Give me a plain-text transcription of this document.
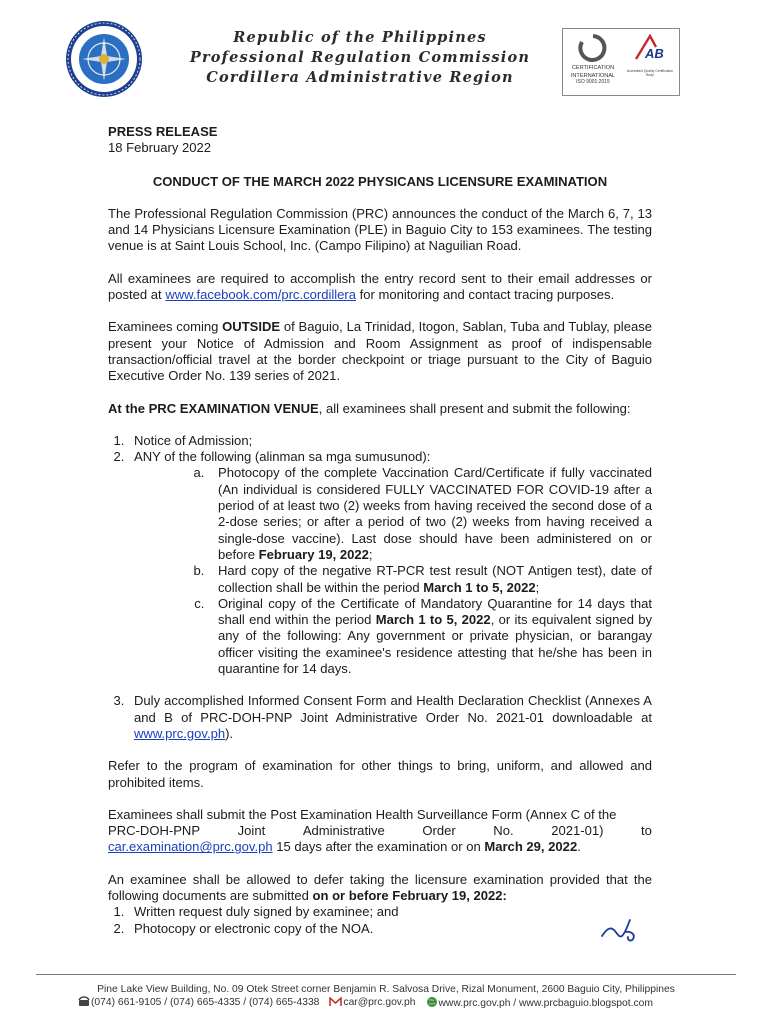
Republic of the Philippines
Professional Regulation Commission
Cordillera Administrative Region
CERTIFICATION
INTERNATIONAL
ISO 9001:2015
AB
Accredited Quality Certification Body

PRESS RELEASE

18 February 2022

CONDUCT OF THE MARCH 2022 PHYSICANS LICENSURE EXAMINATION

The Professional Regulation Commission (PRC) announces the conduct of the March 6, 7, 13 and 14 Physicians Licensure Examination (PLE) in Baguio City to 153 examinees. The testing venue is at Saint Louis School, Inc. (Campo Filipino) at Naguilian Road.

All examinees are required to accomplish the entry record sent to their email addresses or posted at www.facebook.com/prc.cordillera for monitoring and contact tracing purposes.

Examinees coming OUTSIDE of Baguio, La Trinidad, Itogon, Sablan, Tuba and Tublay, please present your Notice of Admission and Room Assignment as proof of indispensable transaction/official travel at the border checkpoint or triage pursuant to the City of Baguio Executive Order No. 139 series of 2021.

At the PRC EXAMINATION VENUE, all examinees shall present and submit the following:

1. Notice of Admission;
2. ANY of the following (alinman sa mga sumusunod):
a. Photocopy of the complete Vaccination Card/Certificate if fully vaccinated (An individual is considered FULLY VACCINATED FOR COVID-19 after a period of at least two (2) weeks from having received the second dose of a 2-dose series; or after a period of two (2) weeks from having received a single-dose vaccine). Last dose should have been administered on or before February 19, 2022;
b. Hard copy of the negative RT-PCR test result (NOT Antigen test), date of collection shall be within the period March 1 to 5, 2022;
c. Original copy of the Certificate of Mandatory Quarantine for 14 days that shall end within the period March 1 to 5, 2022, or its equivalent signed by any of the following: Any government or private physician, or barangay officer visiting the examinee's residence attesting that he/she has been in quarantine for 14 days.
3. Duly accomplished Informed Consent Form and Health Declaration Checklist (Annexes A and B of PRC-DOH-PNP Joint Administrative Order No. 2021-01 downloadable at www.prc.gov.ph).

Refer to the program of examination for other things to bring, uniform, and allowed and prohibited items.

Examinees shall submit the Post Examination Health Surveillance Form (Annex C of the

PRC-DOH-PNP	Joint	Administrative	Order	No.	2021-01)	to

car.examination@prc.gov.ph 15 days after the examination or on March 29, 2022.

An examinee shall be allowed to defer taking the licensure examination provided that the following documents are submitted on or before February 19, 2022:

1. Written request duly signed by examinee; and
2. Photocopy or electronic copy of the NOA.
Pine Lake View Building, No. 09 Otek Street corner Benjamin R. Salvosa Drive, Rizal Monument, 2600 Baguio City, Philippines
(074) 661-9105 / (074) 665-4335 / (074) 665-4338	car@prc.gov.ph	www.prc.gov.ph / www.prcbaguio.blogspot.com
